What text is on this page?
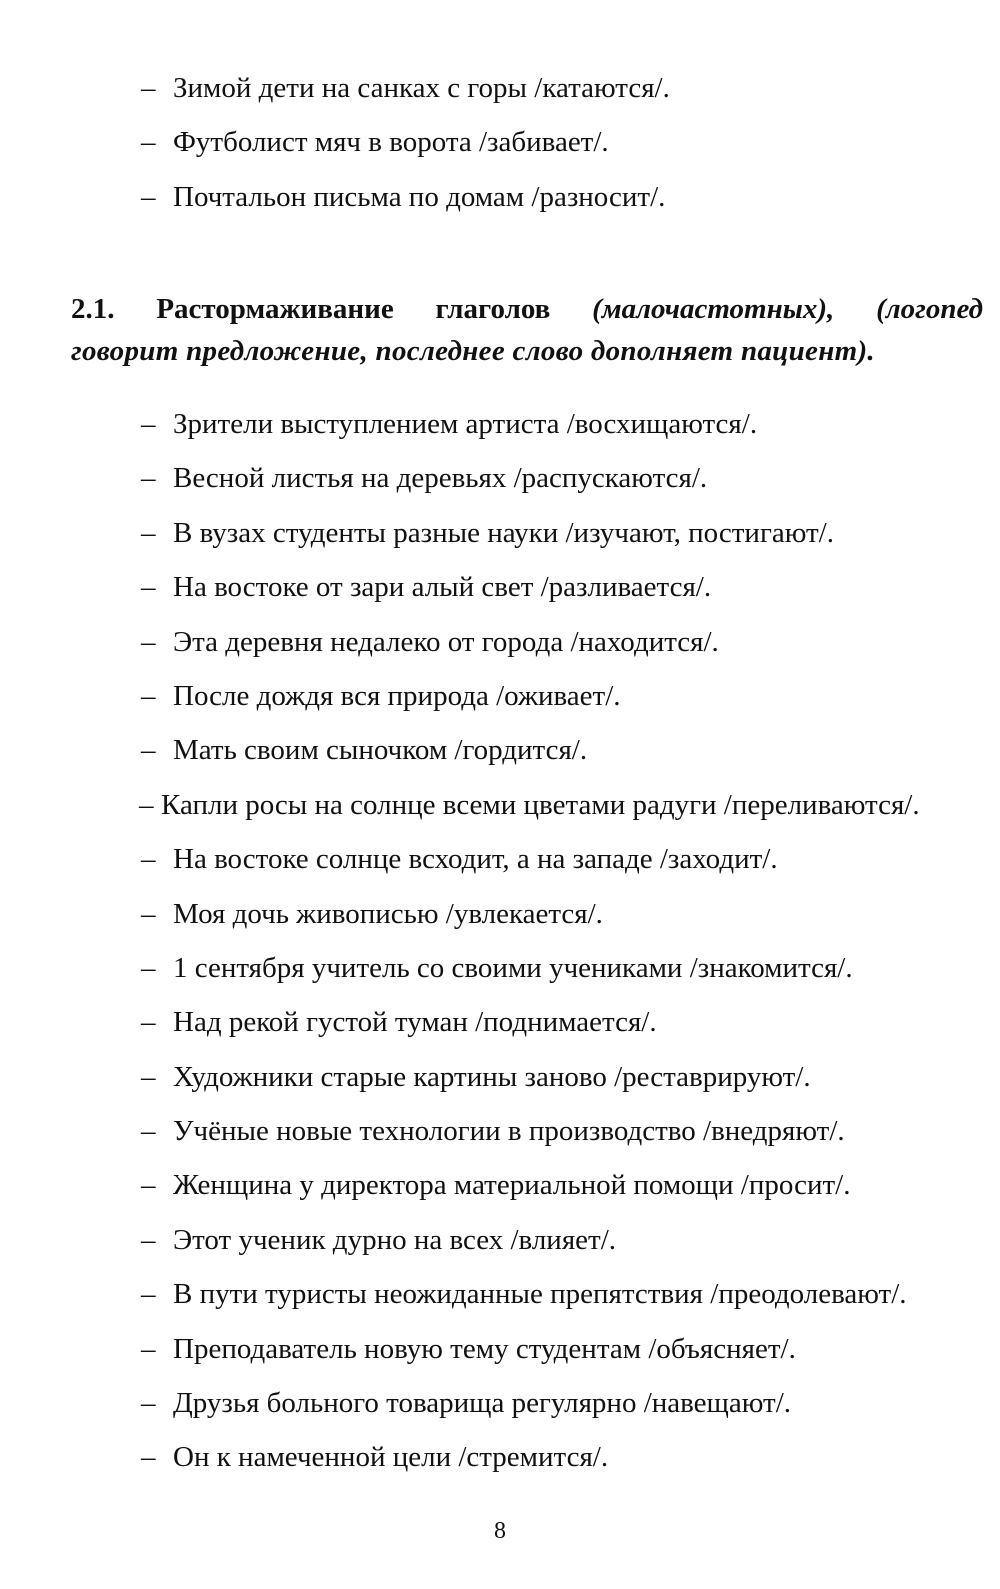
– Зимой дети на санках с горы /катаются/.
– Футболист мяч в ворота /забивает/.
– Почтальон письма по домам /разносит/.
2.1. Растормаживание глаголов (малочастотных), (логопед
говорит предложение, последнее слово дополняет пациент).
– Зрители выступлением артиста /восхищаются/.
– Весной листья на деревьях /распускаются/.
– В вузах студенты разные науки /изучают, постигают/.
– На востоке от зари алый свет /разливается/.
– Эта деревня недалеко от города /находится/.
– После дождя вся природа /оживает/.
– Мать своим сыночком /гордится/.
– Капли росы на солнце всеми цветами радуги /переливаются/.
– На востоке солнце всходит, а на западе /заходит/.
– Моя дочь живописью /увлекается/.
– 1 сентября учитель со своими учениками /знакомится/.
– Над рекой густой туман /поднимается/.
– Художники старые картины заново /реставрируют/.
– Учёные новые технологии в производство /внедряют/.
– Женщина у директора материальной помощи /просит/.
– Этот ученик дурно на всех /влияет/.
– В пути туристы неожиданные препятствия /преодолевают/.
– Преподаватель новую тему студентам /объясняет/.
– Друзья больного товарища регулярно /навещают/.
– Он к намеченной цели /стремится/.
8
